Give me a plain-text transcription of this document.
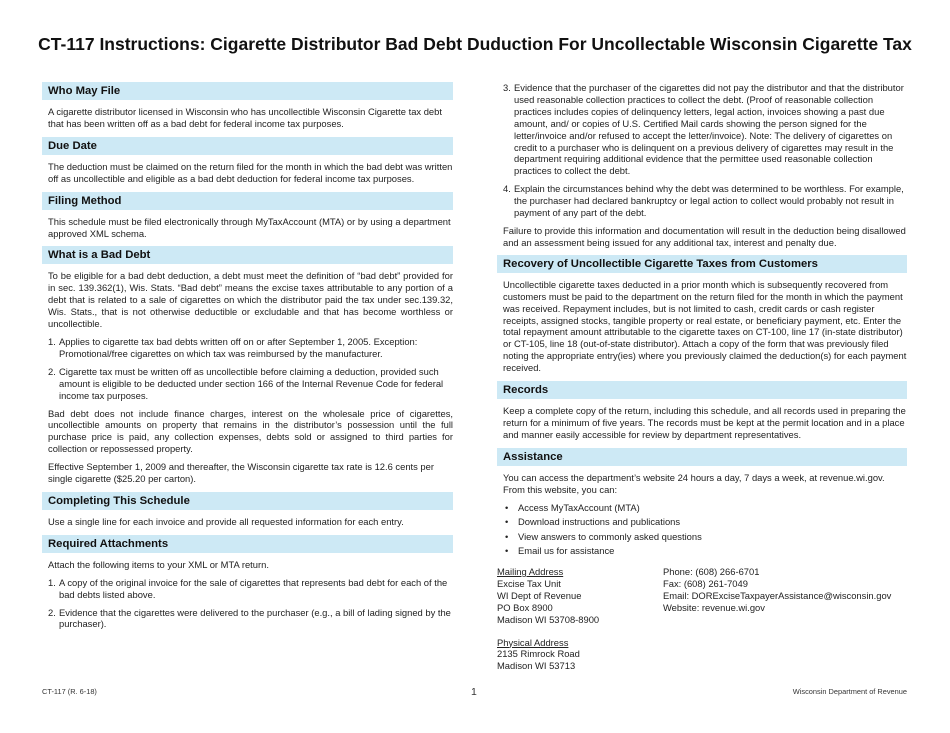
CT-117 Instructions: Cigarette Distributor Bad Debt Duduction For Uncollectable Wisconsin Cigarette Tax
Who May File

A cigarette distributor licensed in Wisconsin who has uncollectible Wisconsin Cigarette tax debt that has been written off as a bad debt for federal income tax purposes.

Due Date

The deduction must be claimed on the return filed for the month in which the bad debt was written off as uncollectible and eligible as a bad debt deduction for federal income tax purposes.

Filing Method

This schedule must be filed electronically through MyTaxAccount (MTA) or by using a department approved XML schema.

What is a Bad Debt

To be eligible for a bad debt deduction, a debt must meet the definition of “bad debt” provided for in sec. 139.362(1), Wis. Stats. “Bad debt” means the excise taxes attributable to any portion of a debt that is related to a sale of cigarettes on which the distributor paid the tax under sec.139.32, Wis. Stats., that is not otherwise deductible or excludable and that has become worthless or uncollectible.

1. Applies to cigarette tax bad debts written off on or after September 1, 2005. Exception: Promotional/free cigarettes on which tax was reimbursed by the manufacturer.
2. Cigarette tax must be written off as uncollectible before claiming a deduction, provided such amount is eligible to be deducted under section 166 of the Internal Revenue Code for federal income tax purposes.

Bad debt does not include finance charges, interest on the wholesale price of cigarettes, uncollectible amounts on property that remains in the distributor’s possession until the full purchase price is paid, any collection expenses, debts sold or assigned to third parties for collection or repossessed property.

Effective September 1, 2009 and thereafter, the Wisconsin cigarette tax rate is 12.6 cents per single cigarette ($25.20 per carton).

Completing This Schedule

Use a single line for each invoice and provide all requested information for each entry.

Required Attachments

Attach the following items to your XML or MTA return.

1. A copy of the original invoice for the sale of cigarettes that represents bad debt for each of the bad debts listed above.
2. Evidence that the cigarettes were delivered to the purchaser (e.g., a bill of lading signed by the purchaser).
3. Evidence that the purchaser of the cigarettes did not pay the distributor and that the distributor used reasonable collection practices to collect the debt. (Proof of reasonable collection practices includes copies of delinquency letters, legal action, invoices showing a past due amount, and/ or copies of U.S. Certified Mail cards showing the person signed for the letter/invoice and/or refused to accept the letter/invoice). Note: The delivery of cigarettes on credit to a purchaser who is delinquent on a previous delivery of cigarettes may result in the department requiring additional evidence that the permittee used reasonable collection practices to collect the debt.
4. Explain the circumstances behind why the debt was determined to be worthless. For example, the purchaser had declared bankruptcy or legal action to collect would probably not result in payment of any part of the debt.

Failure to provide this information and documentation will result in the deduction being disallowed and an assessment being issued for any additional tax, interest and penalty due.

Recovery of Uncollectible Cigarette Taxes from Customers

Uncollectible cigarette taxes deducted in a prior month which is subsequently recovered from customers must be paid to the department on the return filed for the month in which the payment was received. Repayment includes, but is not limited to cash, credit cards or cash register receipts, assigned stocks, tangible property or real estate, or beneficiary payment, etc. Enter the total repayment amount attributable to the cigarette taxes on CT-100, line 17 (in-state distributor) or CT-105, line 18 (out-of-state distributor). Attach a copy of the form that was previously filed noting the appropriate entry(ies) where you previously claimed the deduction(s) for each payment received.

Records

Keep a complete copy of the return, including this schedule, and all records used in preparing the return for a minimum of five years. The records must be kept at the permit location and in a place and manner easily accessible for review by department representatives.

Assistance

You can access the department’s website 24 hours a day, 7 days a week, at revenue.wi.gov. From this website, you can:

• Access MyTaxAccount (MTA)
• Download instructions and publications
• View answers to commonly asked questions
• Email us for assistance
Mailing Address
Excise Tax Unit
WI Dept of Revenue
PO Box 8900
Madison WI 53708-8900
Physical Address
2135 Rimrock Road
Madison WI 53713
Phone: (608) 266-6701
Fax: (608) 261-7049
Email: DORExciseTaxpayerAssistance@wisconsin.gov
Website: revenue.wi.gov
CT-117 (R. 6-18)	1	Wisconsin Department of Revenue
